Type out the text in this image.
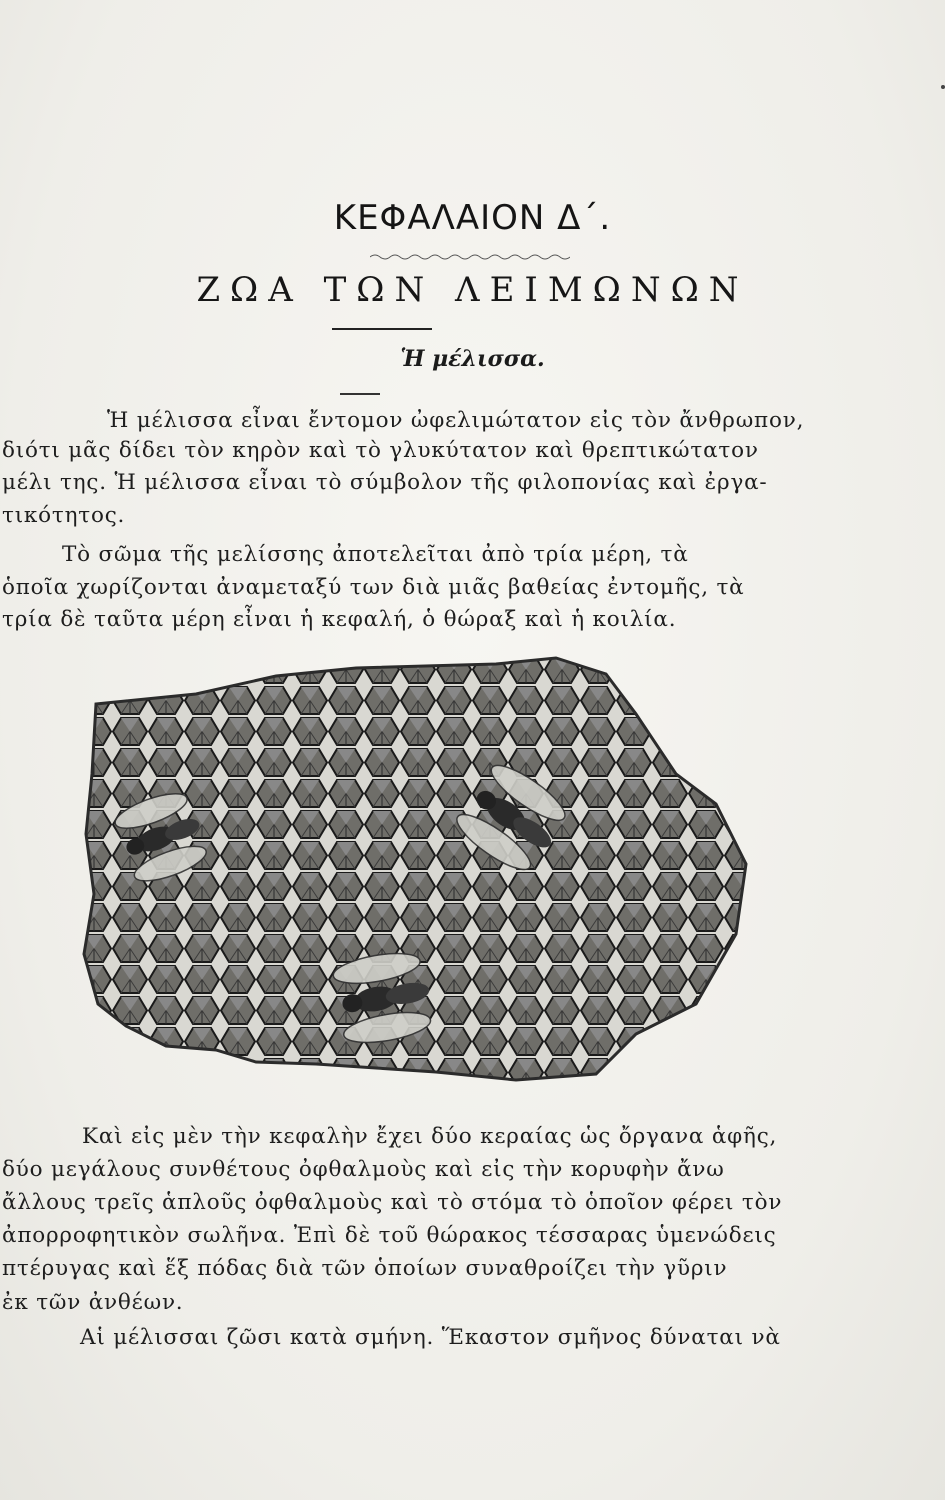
ΚΕΦΑΛΑΙΟΝ Δ΄.
ΖΩΑ ΤΩΝ ΛΕΙΜΩΝΩΝ
Ἡ μέλισσα.
Ἡ μέλισσα εἶναι ἔντομον ὠφελιμώτατον εἰς τὸν ἄνθρωπον,
διότι μᾶς δίδει τὸν κηρὸν καὶ τὸ γλυκύτατον καὶ θρεπτικώτατον
μέλι της. Ἡ μέλισσα εἶναι τὸ σύμβολον τῆς φιλοπονίας καὶ ἐργα-
τικότητος.
Τὸ σῶμα τῆς μελίσσης ἀποτελεῖται ἀπὸ τρία μέρη, τὰ
ὁποῖα χωρίζονται ἀναμεταξύ των διὰ μιᾶς βαθείας ἐντομῆς, τὰ
τρία δὲ ταῦτα μέρη εἶναι ἡ κεφαλή, ὁ θώραξ καὶ ἡ κοιλία.
Καὶ εἰς μὲν τὴν κεφαλὴν ἔχει δύο κεραίας ὡς ὄργανα ἁφῆς,
δύο μεγάλους συνθέτους ὀφθαλμοὺς καὶ εἰς τὴν κορυφὴν ἄνω
ἄλλους τρεῖς ἁπλοῦς ὀφθαλμοὺς καὶ τὸ στόμα τὸ ὁποῖον φέρει τὸν
ἀπορροφητικὸν σωλῆνα. Ἐπὶ δὲ τοῦ θώρακος τέσσαρας ὑμενώδεις
πτέρυγας καὶ ἕξ πόδας διὰ τῶν ὁποίων συναθροίζει τὴν γῦριν
ἐκ τῶν ἀνθέων.
Αἱ μέλισσαι ζῶσι κατὰ σμήνη. Ἕκαστον σμῆνος δύναται νὰ
